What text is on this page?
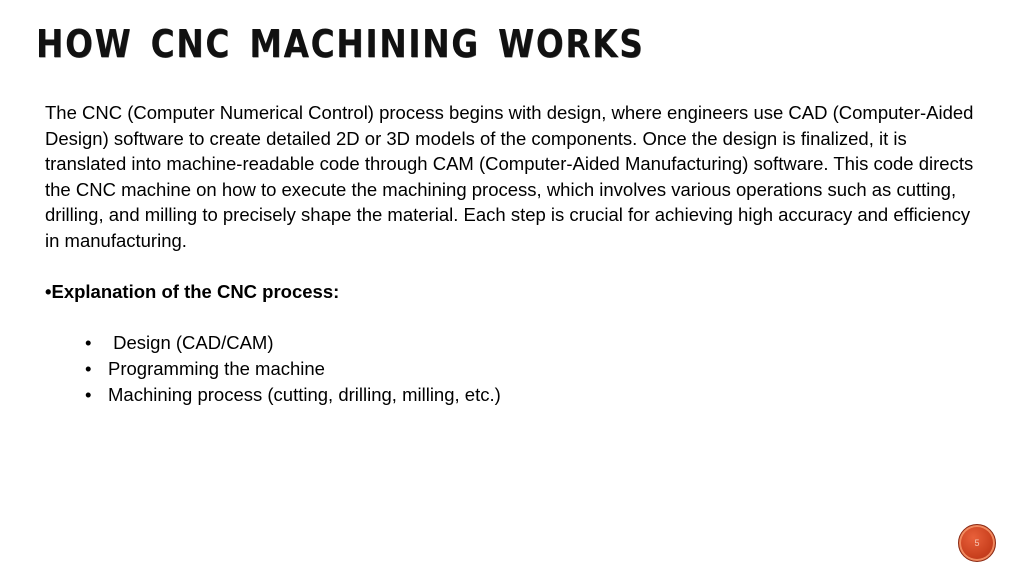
HOW CNC MACHINING WORKS

The CNC (Computer Numerical Control) process begins with design, where engineers use CAD (Computer-Aided Design) software to create detailed 2D or 3D models of the components. Once the design is finalized, it is translated into machine-readable code through CAM (Computer-Aided Manufacturing) software. This code directs the CNC machine on how to execute the machining process, which involves various operations such as cutting, drilling, and milling to precisely shape the material. Each step is crucial for achieving high accuracy and efficiency in manufacturing.

•Explanation of the CNC process:

• Design (CAD/CAM)
• Programming the machine
• Machining process (cutting, drilling, milling, etc.)
5
